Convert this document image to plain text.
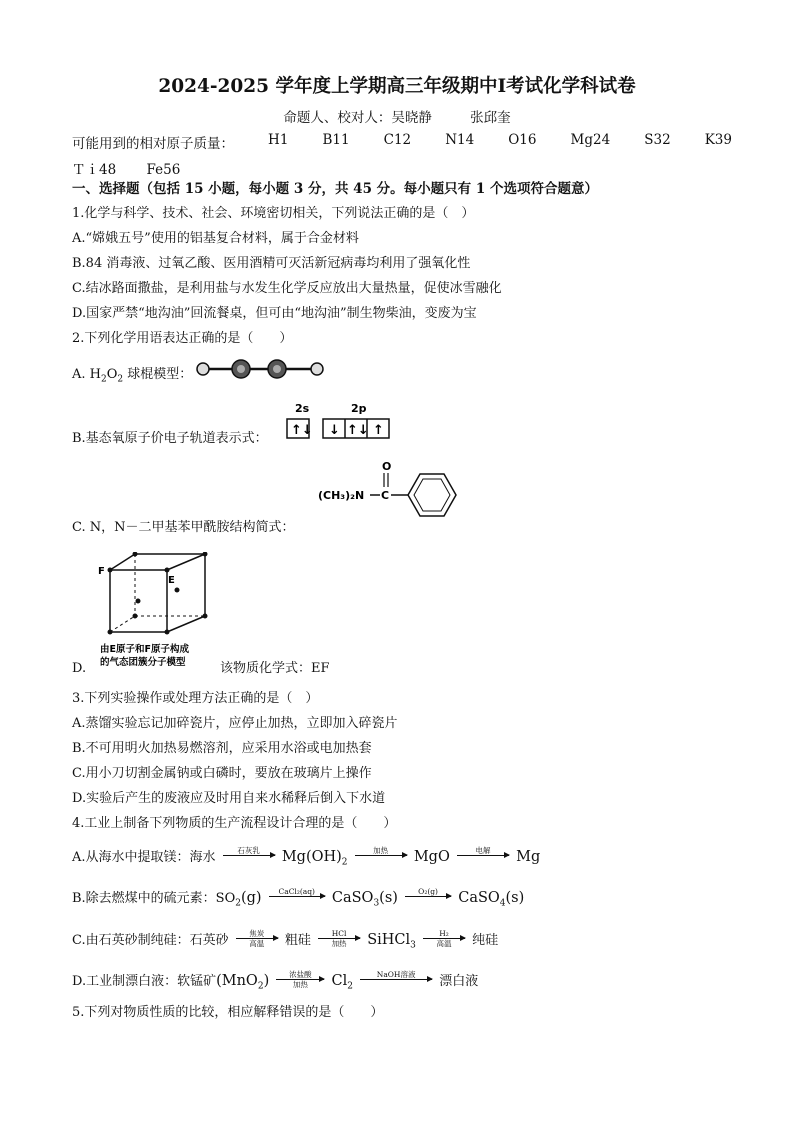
2024-2025 学年度上学期高三年级期中Ⅰ考试化学科试卷
命题人、校对人：吴晓静	张邱奎
可能用到的相对原子质量：	H1	B11	C12	N14	O16	Mg24	S32	K39
Ｔｉ48 Fe56
一、选择题（包括 15 小题，每小题 3 分，共 45 分。每小题只有 1 个选项符合题意）
1.化学与科学、技术、社会、环境密切相关，下列说法正确的是（　）
A.“嫦娥五号”使用的铝基复合材料，属于合金材料
B.84 消毒液、过氧乙酸、医用酒精可灭活新冠病毒均利用了强氧化性
C.结冰路面撒盐，是利用盐与水发生化学反应放出大量热量，促使冰雪融化
D.国家严禁“地沟油”回流餐桌，但可由“地沟油”制生物柴油，变废为宝
2.下列化学用语表达正确的是（　　）
A. $H_2O_2$ 球棍模型：
B.基态氧原子价电子轨道表示式：
2s	2p
↑↓ ↓ ↑↓ ↑
C. N，N－二甲基苯甲酰胺结构简式：
(CH₃)₂N C
O
F
E
由E原子和F原子构成
的气态团簇分子模型
D.	该物质化学式：EF
3.下列实验操作或处理方法正确的是（　）
A.蒸馏实验忘记加碎瓷片，应停止加热，立即加入碎瓷片
B.不可用明火加热易燃溶剂，应采用水浴或电加热套
C.用小刀切割金属钠或白磷时，要放在玻璃片上操作
D.实验后产生的废液应及时用自来水稀释后倒入下水道
4.工业上制备下列物质的生产流程设计合理的是（　　）
A.从海水中提取镁：海水	石灰乳 $Mg(OH)_2$
加热 MgO	电解 Mg
B.除去燃煤中的硫元素：$SO_2(g)$ CaCl₂(aq) CaSO$_3$(s)	O₂(g) CaSO$_4$(s)
C.由石英砂制纯硅：石英砂	焦炭
高温 粗硅	HCl
加热 SiHCl$_3$
H₂
高温 纯硅
D.工业制漂白液：软锰矿(MnO$_2$)	浓盐酸
加热 $Cl_2$
NaOH溶液 漂白液
5.下列对物质性质的比较，相应解释错误的是（　　）
